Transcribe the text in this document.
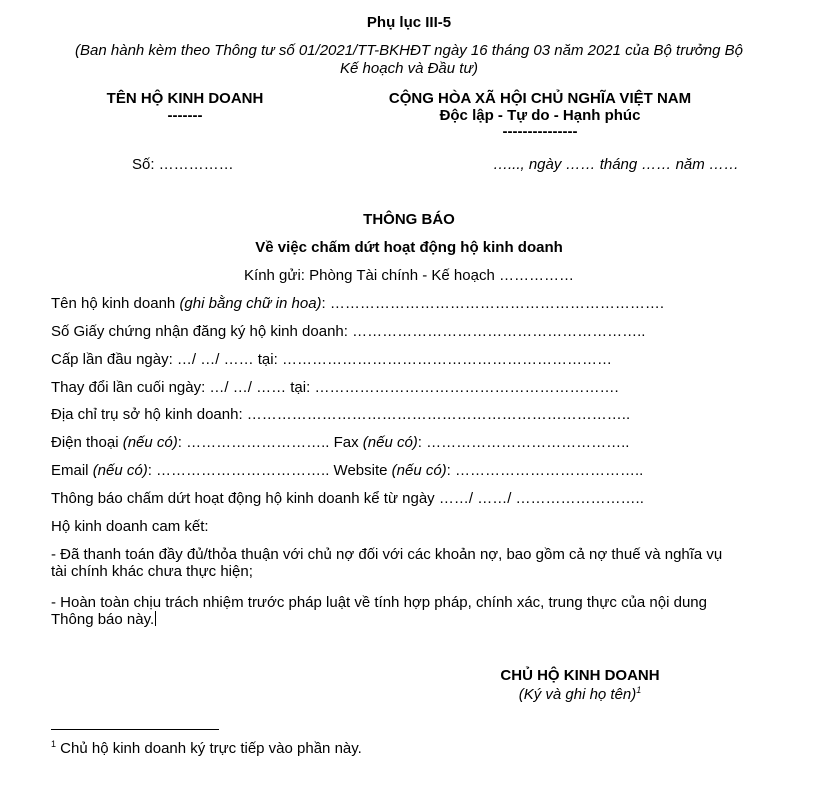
Phụ lục III-5
(Ban hành kèm theo Thông tư số 01/2021/TT-BKHĐT ngày 16 tháng 03 năm 2021 của Bộ trưởng Bộ
Kế hoạch và Đầu tư)
TÊN HỘ KINH DOANH
-------
CỘNG HÒA XÃ HỘI CHỦ NGHĨA VIỆT NAM
Độc lập - Tự do - Hạnh phúc
---------------
Số: ……………	…..., ngày …… tháng …… năm ……
THÔNG BÁO
Về việc chấm dứt hoạt động hộ kinh doanh
Kính gửi: Phòng Tài chính - Kế hoạch ……………
Tên hộ kinh doanh (ghi bằng chữ in hoa): ………………………………………………………….
Số Giấy chứng nhận đăng ký hộ kinh doanh: …………………………………………………..
Cấp lần đầu ngày: …/ …/ …… tại: …………………………………………………………
Thay đổi lần cuối ngày: …/ …/ …… tại: …………………………………………………….
Địa chỉ trụ sở hộ kinh doanh: …………………………………………………………………..
Điện thoại (nếu có): ……………………….. Fax (nếu có): …………………………………..
Email (nếu có): …………………………….. Website (nếu có): ………………………………..
Thông báo chấm dứt hoạt động hộ kinh doanh kể từ ngày ……/ ……/ ……………………..
Hộ kinh doanh cam kết:
- Đã thanh toán đầy đủ/thỏa thuận với chủ nợ đối với các khoản nợ, bao gồm cả nợ thuế và nghĩa vụ
tài chính khác chưa thực hiện;
- Hoàn toàn chịu trách nhiệm trước pháp luật về tính hợp pháp, chính xác, trung thực của nội dung
Thông báo này.
CHỦ HỘ KINH DOANH
(Ký và ghi họ tên)$^1$
$^1$ Chủ hộ kinh doanh ký trực tiếp vào phần này.
